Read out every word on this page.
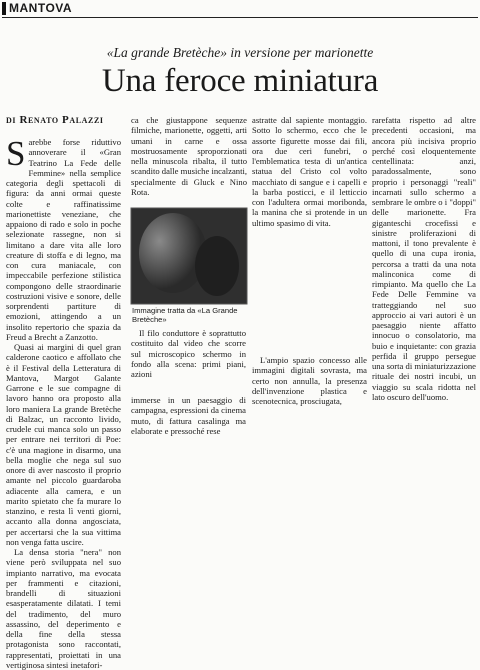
MANTOVA
«La grande Bretèche» in versione per marionette
Una feroce miniatura
di Renato Palazzi

Sarebbe forse riduttivo annoverare il «Gran Teatrino La Fede delle Femmine» nella semplice categoria degli spettacoli di figura: da anni ormai queste colte e raffinatissime marionettiste veneziane, che appaiono di rado e solo in poche selezionate rassegne, non si limitano a dare vita alle loro creature di stoffa e di legno, ma con cura maniacale, con impeccabile perfezione stilistica compongono delle straordinarie costruzioni visive e sonore, delle sorprendenti partiture di emozioni, attingendo a un insolito repertorio che spazia da Freud a Brecht a Zanzotto.

Quasi ai margini di quel gran calderone caotico e affollato che è il Festival della Letteratura di Mantova, Margot Galante Garrone e le sue compagne di lavoro hanno ora proposto alla loro maniera La grande Bretèche di Balzac, un racconto livido, crudele cui manca solo un passo per entrare nei territori di Poe: c'è una magione in disarmo, una bella moglie che nega sul suo onore di aver nascosto il proprio amante nel piccolo guardaroba adiacente alla camera, e un marito spietato che fa murare lo stanzino, e resta lì venti giorni, accanto alla donna angosciata, per accertarsi che la sua vittima non venga fatta uscire.

La densa storia "nera" non viene però sviluppata nel suo impianto narrativo, ma evocata per frammenti e citazioni, brandelli di situazioni esasperatamente dilatati. I temi del tradimento, del muro assassino, del deperimento e della fine della stessa protagonista sono raccontati, rappresentati, proiettati in una vertiginosa sintesi inetafori-

ca che giustappone sequenze filmiche, marionette, oggetti, arti umani in carne e ossa mostruosamente sproporzionati nella minuscola ribalta, il tutto scandito dalle musiche incalzanti, specialmente di Gluck e Nino Rota.

Immagine tratta da «La Grande Bretèche»

astratte dal sapiente montaggio. Sotto lo schermo, ecco che le assorte figurette mosse dai fili, ora due ceri funebri, o l'emblematica testa di un'antica statua del Cristo col volto macchiato di sangue e i capelli e la barba posticci, e il letticcio con l'adultera ormai moribonda, la manina che si protende in un ultimo spasimo di vita.

Il filo conduttore è soprattutto costituito dal video che scorre sul microscopico schermo in fondo alla scena: primi piani, azioni

immerse in un paesaggio di campagna, espressioni da cinema muto, di fattura casalinga ma elaborate e pressoché rese

L'ampio spazio concesso alle immagini digitali sovrasta, ma certo non annulla, la presenza dell'invenzione plastica e scenotecnica, prosciugata,

rarefatta rispetto ad altre precedenti occasioni, ma ancora più incisiva proprio perché così eloquentemente centellinata: anzi, paradossalmente, sono proprio i personaggi "reali" incarnati sullo schermo a sembrare le ombre o i "doppi" delle marionette. Fra giganteschi crocefissi e sinistre proliferazioni di mattoni, il tono prevalente è quello di una cupa ironia, percorsa a tratti da una nota malinconica come di rimpianto. Ma quello che La Fede Delle Femmine va tratteggiando nel suo approccio ai vari autori è un paesaggio niente affatto innocuo o consolatorio, ma buio e inquietante: con grazia perfida il gruppo persegue una sorta di miniaturizzazione rituale dei nostri incubi, un viaggio su scala ridotta nel lato oscuro dell'uomo.
